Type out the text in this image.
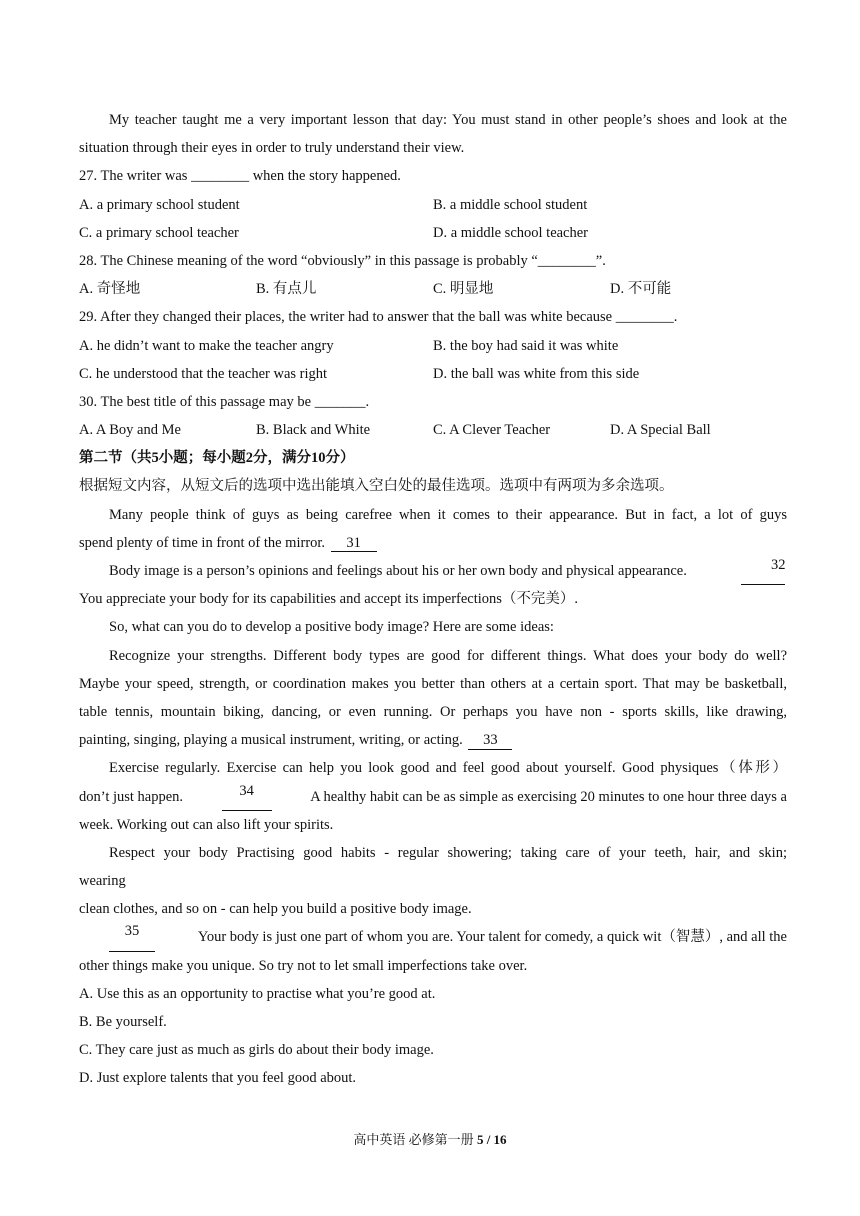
My teacher taught me a very important lesson that day: You must stand in other people’s shoes and look at the
situation through their eyes in order to truly understand their view.
27. The writer was ________ when the story happened.
A. a primary school student	B. a middle school student
C. a primary school teacher	D. a middle school teacher
28. The Chinese meaning of the word “obviously” in this passage is probably “________”.
A. 奇怪地	B. 有点儿	C. 明显地	D. 不可能
29. After they changed their places, the writer had to answer that the ball was white because ________.
A. he didn’t want to make the teacher angry	B. the boy had said it was white
C. he understood that the teacher was right	D. the ball was white from this side
30. The best title of this passage may be _______.
A. A Boy and Me	B. Black and White	C. A Clever Teacher	D. A Special Ball
第二节（共5小题；每小题2分，满分10分）
根据短文内容，从短文后的选项中选出能填入空白处的最佳选项。选项中有两项为多余选项。
Many people think of guys as being carefree when it comes to their appearance. But in fact, a lot of guys
spend plenty of time in front of the mirror. 31
Body image is a person’s opinions and feelings about his or her own body and physical appearance.	32
You appreciate your body for its capabilities and accept its imperfections（不完美）.
So, what can you do to develop a positive body image? Here are some ideas:
Recognize your strengths. Different body types are good for different things. What does your body do well?
Maybe your speed, strength, or coordination makes you better than others at a certain sport. That may be basketball,
table tennis, mountain biking, dancing, or even running. Or perhaps you have non - sports skills, like drawing,
painting, singing, playing a musical instrument, writing, or acting. 33
Exercise regularly. Exercise can help you look good and feel good about yourself. Good physiques（体形）
don’t just happen.	34	A healthy habit can be as simple as exercising 20 minutes to one hour three days a
week. Working out can also lift your spirits.
Respect your body Practising good habits - regular showering; taking care of your teeth, hair, and skin;
wearing
clean clothes, and so on - can help you build a positive body image.
35	Your body is just one part of whom you are. Your talent for comedy, a quick wit（智慧）, and all the
other things make you unique. So try not to let small imperfections take over.
A. Use this as an opportunity to practise what you’re good at.
B. Be yourself.
C. They care just as much as girls do about their body image.
D. Just explore talents that you feel good about.
高中英语 必修第一册 5 / 16
